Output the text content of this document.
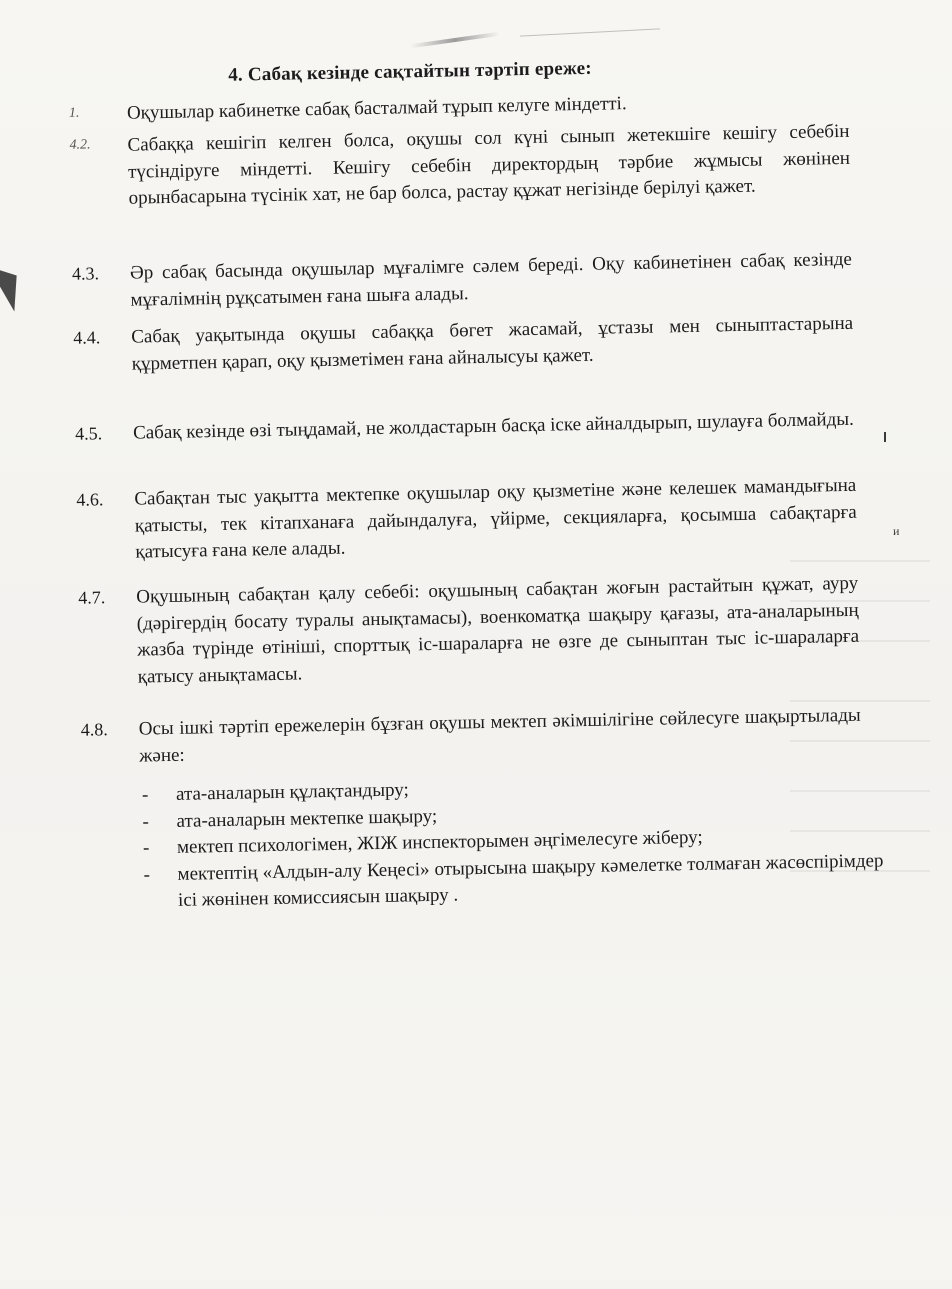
и
4. Сабақ кезінде сақтайтын тәртіп ереже:
1.	Оқушылар кабинетке сабақ басталмай тұрып келуге міндетті.
4.2.	Сабаққа кешігіп келген болса, оқушы сол күні сынып жетекшіге кешігу себебін түсіндіруге міндетті. Кешігу себебін директордың тәрбие жұмысы жөнінен орынбасарына түсінік хат, не бар болса, растау құжат негізінде берілуі қажет.
4.3.	Әр сабақ басында оқушылар мұғалімге сәлем береді. Оқу кабинетінен сабақ кезінде мұғалімнің рұқсатымен ғана шыға алады.
4.4.	Сабақ уақытында оқушы сабаққа бөгет жасамай, ұстазы мен сыныптастарына құрметпен қарап, оқу қызметімен ғана айналысуы қажет.
4.5.	Сабақ кезінде өзі тыңдамай, не жолдастарын басқа іске айналдырып, шулауға болмайды.
4.6.	Сабақтан тыс уақытта мектепке оқушылар оқу қызметіне және келешек мамандығына қатысты, тек кітапханаға дайындалуға, үйірме, секцияларға, қосымша сабақтарға қатысуға ғана келе алады.
4.7.	Оқушының сабақтан қалу себебі: оқушының сабақтан жоғын растайтын құжат, ауру (дәрігердің босату туралы анықтамасы), военкоматқа шақыру қағазы, ата-аналарының жазба түрінде өтініші, спорттық іс-шараларға не өзге де сыныптан тыс іс-шараларға қатысу анықтамасы.
4.8.	Осы ішкі тәртіп ережелерін бұзған оқушы мектеп әкімшілігіне сөйлесуге шақыртылады және:
-	ата-аналарын құлақтандыру;
-	ата-аналарын мектепке шақыру;
-	мектеп психологімен, ЖІЖ инспекторымен әңгімелесуге жіберу;
-	мектептің «Алдын-алу Кеңесі» отырысына шақыру кәмелетке толмаған жасөспірімдер ісі жөнінен комиссиясын шақыру .
